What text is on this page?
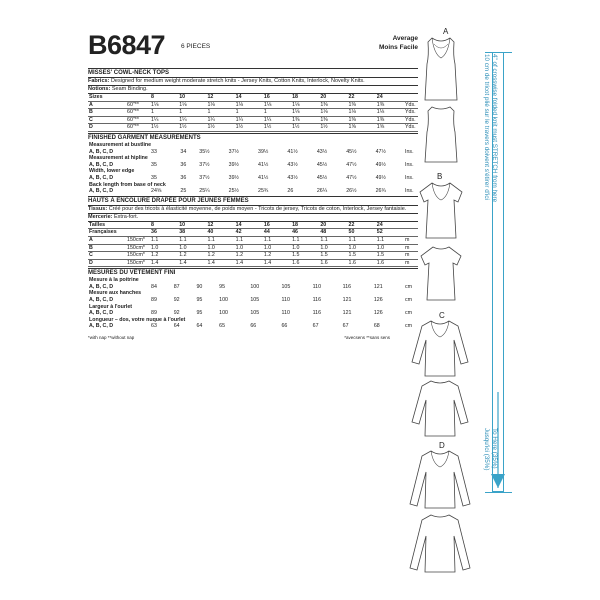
B6847 6 PIECES
Average
Moins Facile
MISSES' COWL-NECK TOPS
Fabrics: Designed for medium weight moderate stretch knits - Jersey Knits, Cotton Knits, Interlock, Novelty Knits.
Notions: Seam Binding.
Sizes		8	10	12	14	16	18	20	22	24	
A	60"**	1⅛	1⅛	1⅛	1⅛	1⅛	1⅛	1⅜	1⅜	1⅜	Yds.
B	60"**	1	1	1	1	1	1⅛	1⅛	1⅛	1⅛	Yds.
C	60"**	1¼	1¼	1¼	1¼	1¼	1⅜	1⅜	1⅜	1⅜	Yds.
D	60"**	1½	1½	1½	1½	1½	1½	1½	1⅝	1⅝	Yds.
FINISHED GARMENT MEASUREMENTS
Measurement at bustline											
A, B, C, D		33	34	35½	37½	39½	41½	43½	45½	47½	Ins.
Measurement at hipline											
A, B, C, D		35	36	37½	39½	41½	43½	45½	47½	49½	Ins.
Width, lower edge											
A, B, C, D		35	36	37½	39½	41½	43½	45½	47½	49½	Ins.
Back length from base of neck											
A, B, C, D		24⅝	25	25¼	25½	25¾	26	26¼	26½	26¾	Ins.
HAUTS À ENCOLURE DRAPÉE POUR JEUNES FEMMES
Tissus: Créé pour des tricots à élasticité moyenne, de poids moyen - Tricots de jersey, Tricots de coton, Interlock, Jersey fantaisie.
Mercerie: Extra-fort.
Tailles		8	10	12	14	16	18	20	22	24	
Françaises		36	38	40	42	44	46	48	50	52	
A	150cm*	1.1	1.1	1.1	1.1	1.1	1.1	1.1	1.1	1.1	m
B	150cm*	1.0	1.0	1.0	1.0	1.0	1.0	1.0	1.0	1.0	m
C	150cm*	1.2	1.2	1.2	1.2	1.2	1.5	1.5	1.5	1.5	m
D	150cm*	1.4	1.4	1.4	1.4	1.4	1.6	1.6	1.6	1.6	m
MESURES DU VÊTEMENT FINI
Mesure à la poitrine											
A, B, C, D		84	87	90	95	100	105	110	116	121	cm
Mesure aux hanches											
A, B, C, D		89	92	95	100	105	110	116	121	126	cm
Largeur à l'ourlet											
A, B, C, D		89	92	95	100	105	110	116	121	126	cm
Longueur – dos, votre nuque à l'ourlet											
A, B, C, D		63	64	64	65	66	66	67	67	68	cm
*with nap **without nap	*avecsens **sans sens
A
B
C
D
4" of crosswise folded knit must STRETCH from here
10 cm de tricot plié sur le travers doivent s'étirer d'ici
To Here (35%)
Jusqu'ici (35%)
